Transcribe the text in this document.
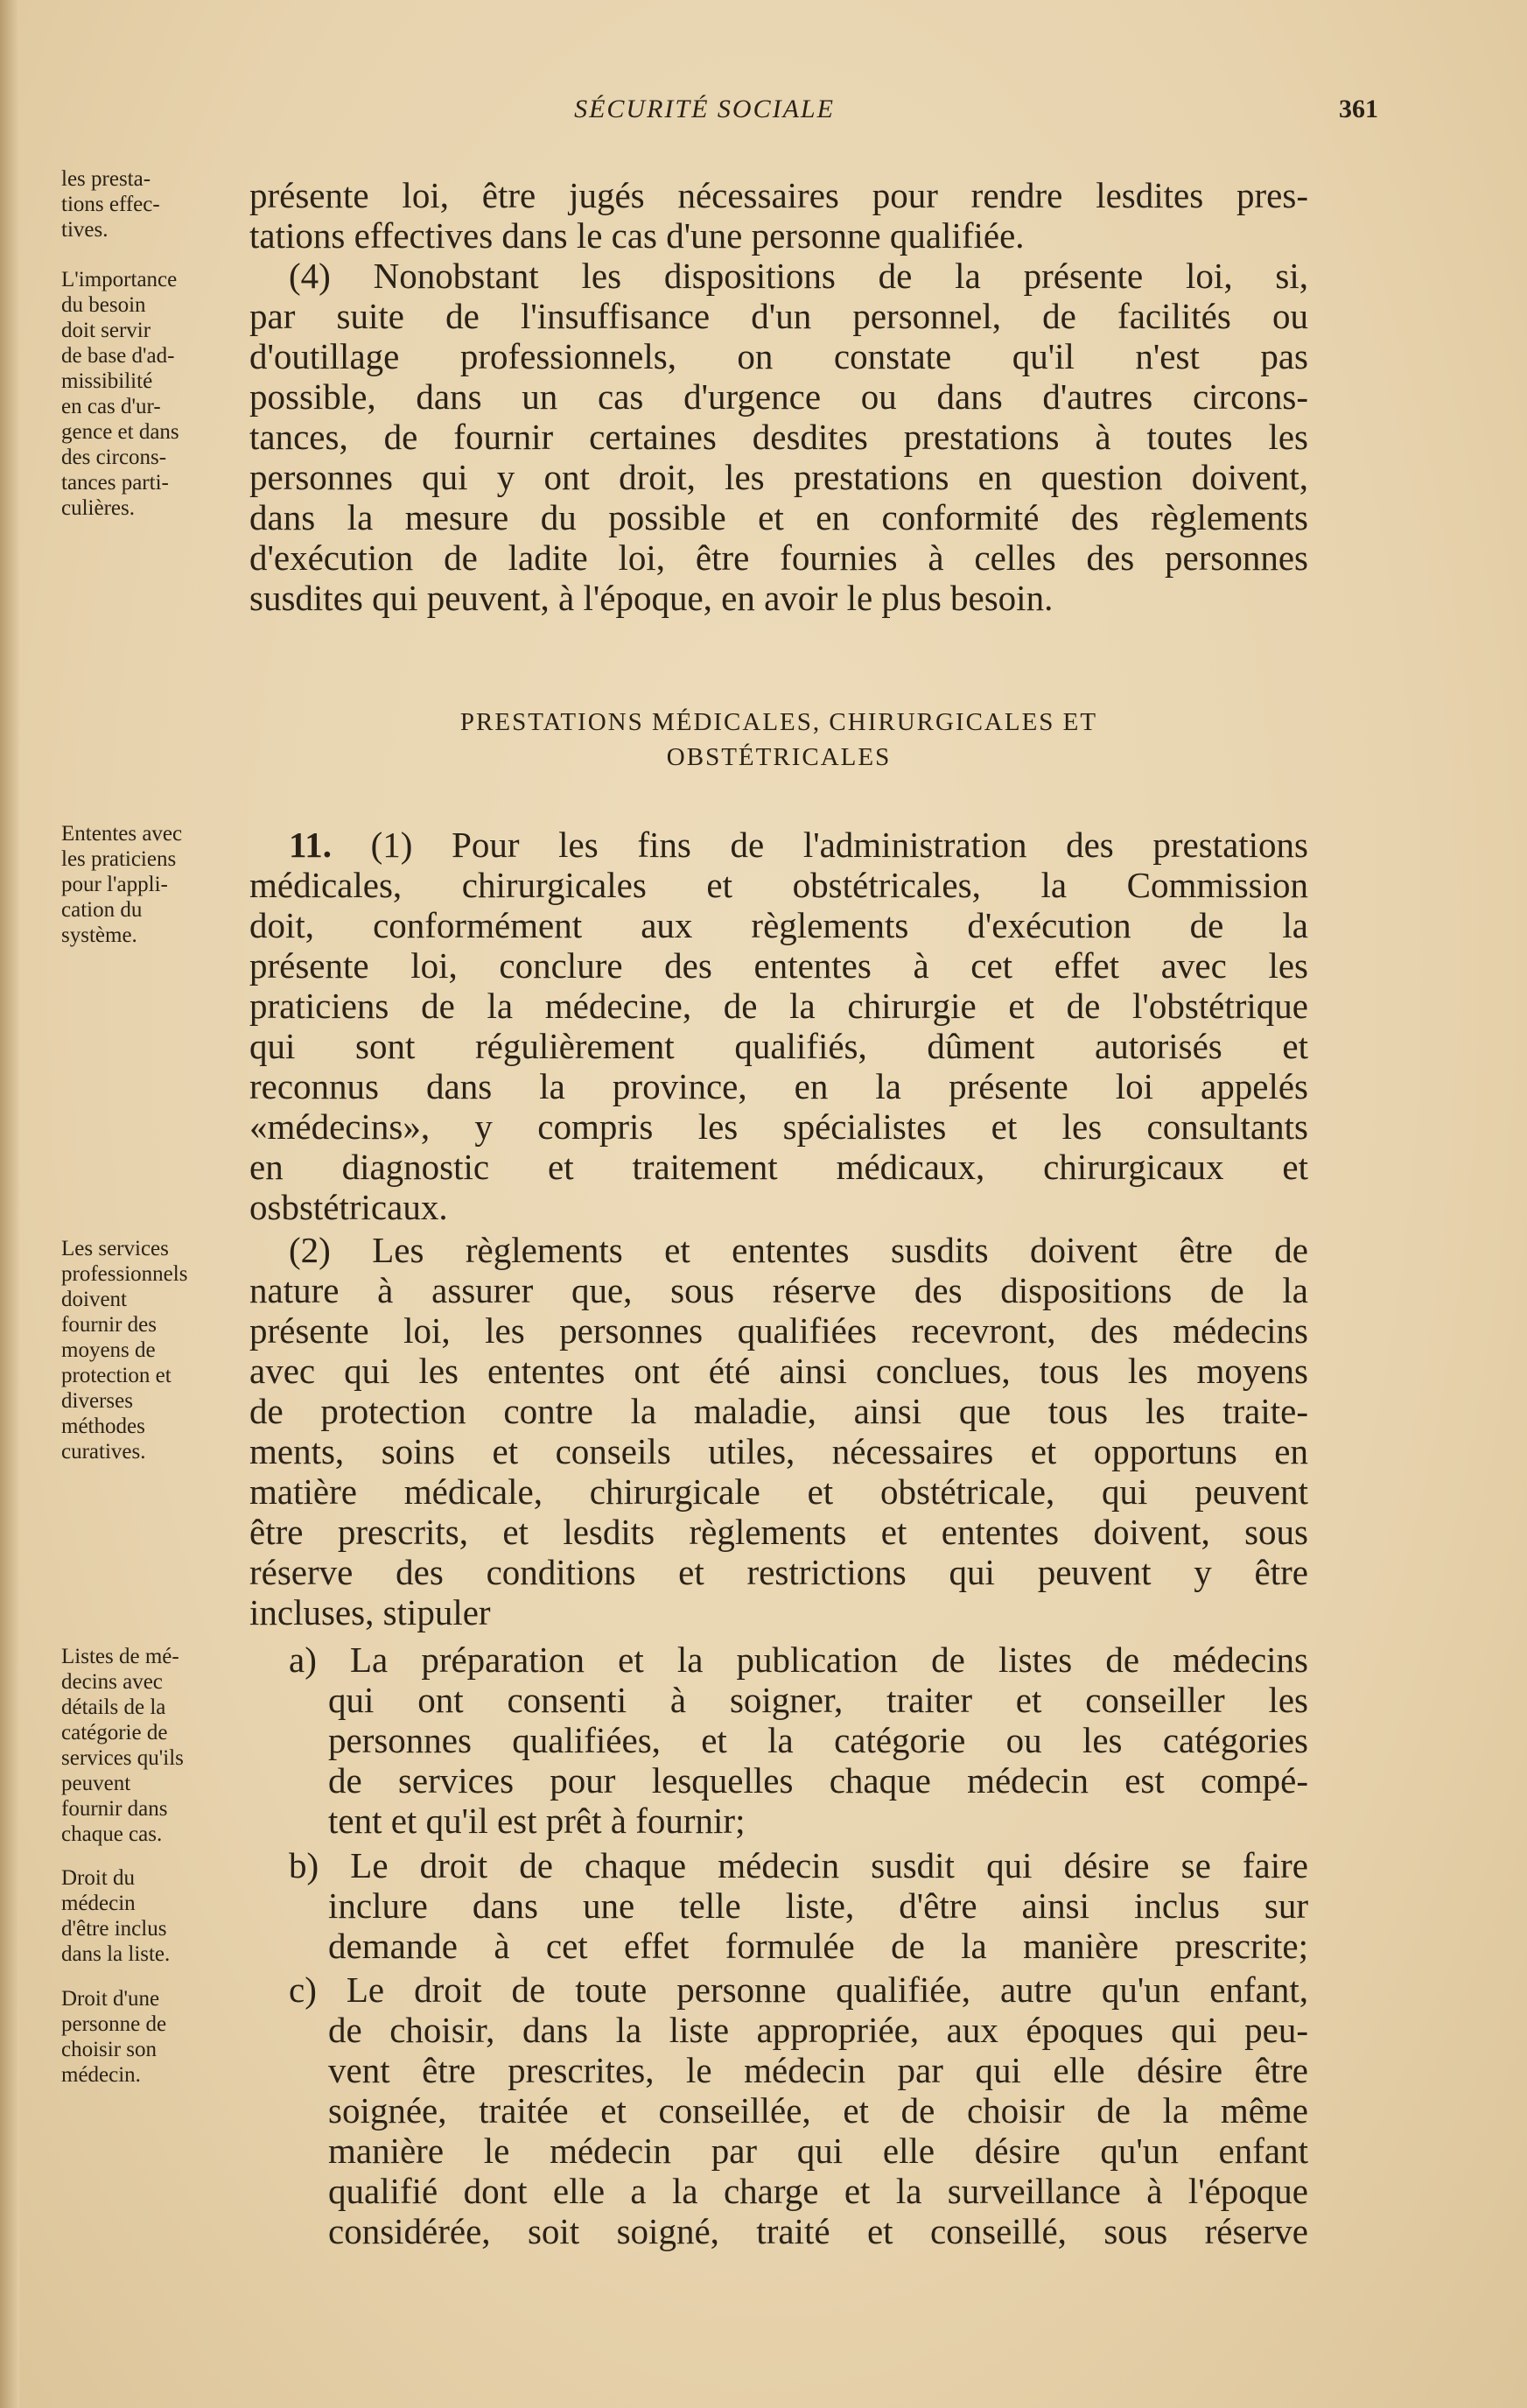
SÉCURITÉ SOCIALE	361
les presta-
tions effec-
tives.
L'importance
du besoin
doit servir
de base d'ad-
missibilité
en cas d'ur-
gence et dans
des circons-
tances parti-
culières.
Ententes avec
les praticiens
pour l'appli-
cation du
système.
Les services
professionnels
doivent
fournir des
moyens de
protection et
diverses
méthodes
curatives.
Listes de mé-
decins avec
détails de la
catégorie de
services qu'ils
peuvent
fournir dans
chaque cas.
Droit du
médecin
d'être inclus
dans la liste.
Droit d'une
personne de
choisir son
médecin.
présente loi, être jugés nécessaires pour rendre lesdites pres-
tations effectives dans le cas d'une personne qualifiée.
(4) Nonobstant les dispositions de la présente loi, si,
par suite de l'insuffisance d'un personnel, de facilités ou
d'outillage professionnels, on constate qu'il n'est pas
possible, dans un cas d'urgence ou dans d'autres circons-
tances, de fournir certaines desdites prestations à toutes les
personnes qui y ont droit, les prestations en question doivent,
dans la mesure du possible et en conformité des règlements
d'exécution de ladite loi, être fournies à celles des personnes
susdites qui peuvent, à l'époque, en avoir le plus besoin.
PRESTATIONS MÉDICALES, CHIRURGICALES ET
OBSTÉTRICALES
11. (1) Pour les fins de l'administration des prestations
médicales, chirurgicales et obstétricales, la Commission
doit, conformément aux règlements d'exécution de la
présente loi, conclure des ententes à cet effet avec les
praticiens de la médecine, de la chirurgie et de l'obstétrique
qui sont régulièrement qualifiés, dûment autorisés et
reconnus dans la province, en la présente loi appelés
«médecins», y compris les spécialistes et les consultants
en diagnostic et traitement médicaux, chirurgicaux et
osbstétricaux.
(2) Les règlements et ententes susdits doivent être de
nature à assurer que, sous réserve des dispositions de la
présente loi, les personnes qualifiées recevront, des médecins
avec qui les ententes ont été ainsi conclues, tous les moyens
de protection contre la maladie, ainsi que tous les traite-
ments, soins et conseils utiles, nécessaires et opportuns en
matière médicale, chirurgicale et obstétricale, qui peuvent
être prescrits, et lesdits règlements et ententes doivent, sous
réserve des conditions et restrictions qui peuvent y être
incluses, stipuler
a) La préparation et la publication de listes de médecins
qui ont consenti à soigner, traiter et conseiller les
personnes qualifiées, et la catégorie ou les catégories
de services pour lesquelles chaque médecin est compé-
tent et qu'il est prêt à fournir;
b) Le droit de chaque médecin susdit qui désire se faire
inclure dans une telle liste, d'être ainsi inclus sur
demande à cet effet formulée de la manière prescrite;
c) Le droit de toute personne qualifiée, autre qu'un enfant,
de choisir, dans la liste appropriée, aux époques qui peu-
vent être prescrites, le médecin par qui elle désire être
soignée, traitée et conseillée, et de choisir de la même
manière le médecin par qui elle désire qu'un enfant
qualifié dont elle a la charge et la surveillance à l'époque
considérée, soit soigné, traité et conseillé, sous réserve
